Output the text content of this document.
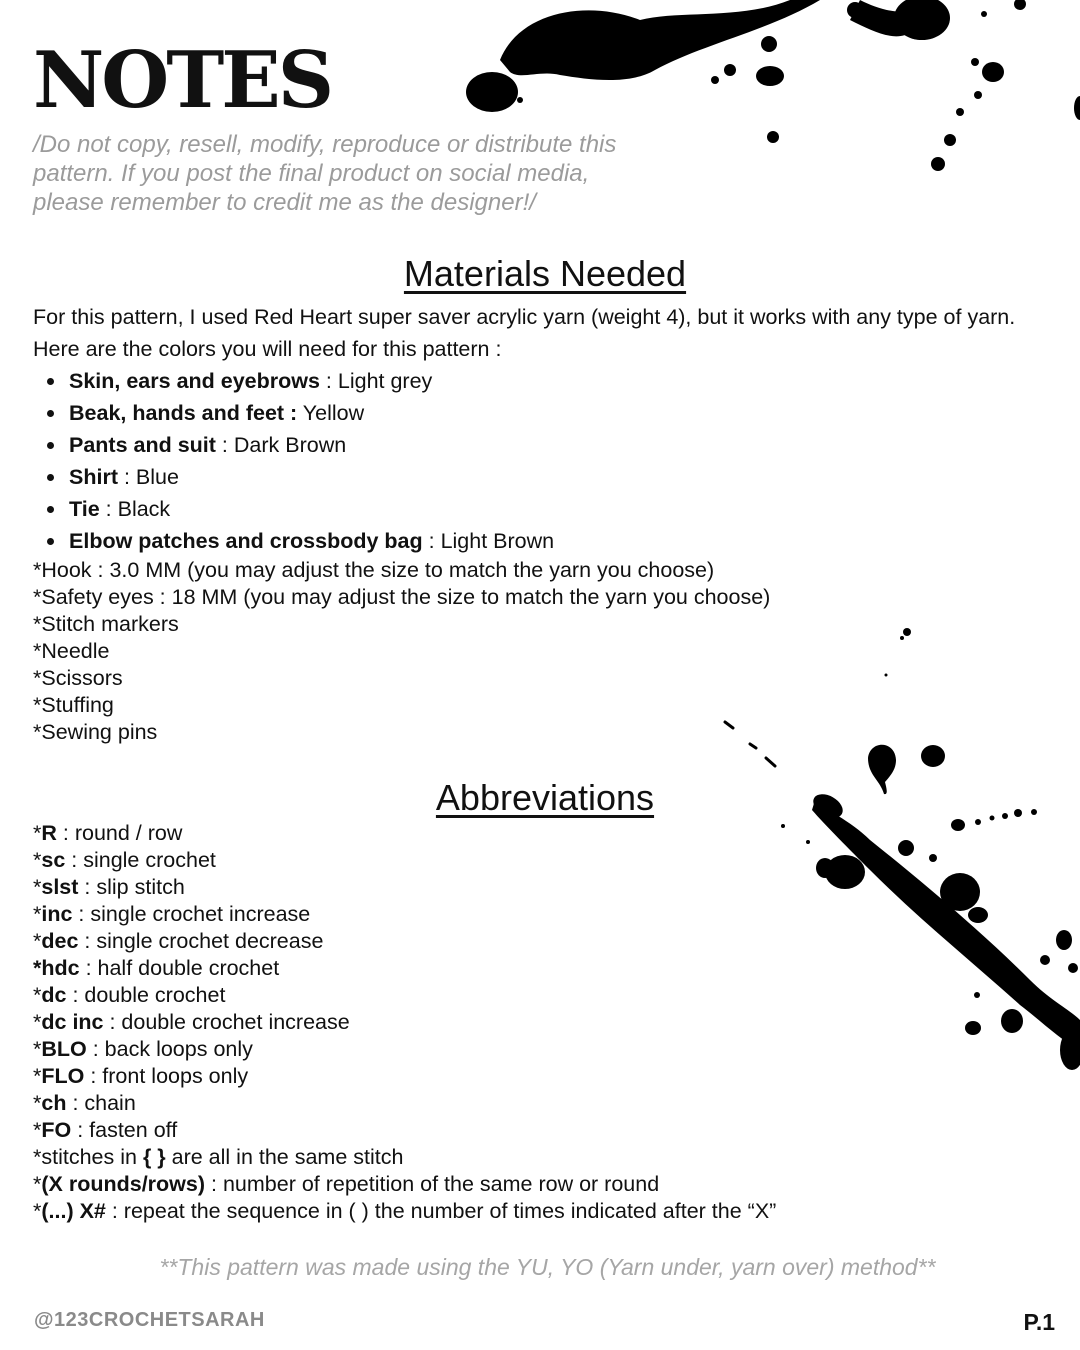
NOTES

/Do not copy, resell, modify, reproduce or distribute this pattern. If you post the final product on social media, please remember to credit me as the designer!/

Materials Needed

For this pattern, I used Red Heart super saver acrylic yarn (weight 4), but it works with any type of yarn. Here are the colors you will need for this pattern :

Skin, ears and eyebrows : Light grey
Beak, hands and feet : Yellow
Pants and suit : Dark Brown
Shirt : Blue
Tie : Black
Elbow patches and crossbody bag : Light Brown
*Hook : 3.0 MM (you may adjust the size to match the yarn you choose)
*Safety eyes : 18 MM (you may adjust the size to match the yarn you choose)
*Stitch markers
*Needle
*Scissors
*Stuffing
*Sewing pins
Abbreviations
*R : round / row
*sc : single crochet
*slst : slip stitch
*inc : single crochet increase
*dec : single crochet decrease
*hdc : half double crochet
*dc : double crochet
*dc inc : double crochet increase
*BLO : back loops only
*FLO : front loops only
*ch : chain
*FO : fasten off
*stitches in { } are all in the same stitch
*(X rounds/rows) : number of repetition of the same row or round
*(...) X# : repeat the sequence in ( ) the number of times indicated after the “X”

**This pattern was made using the YU, YO (Yarn under, yarn over) method**

@123CROCHETSARAH	P.1
